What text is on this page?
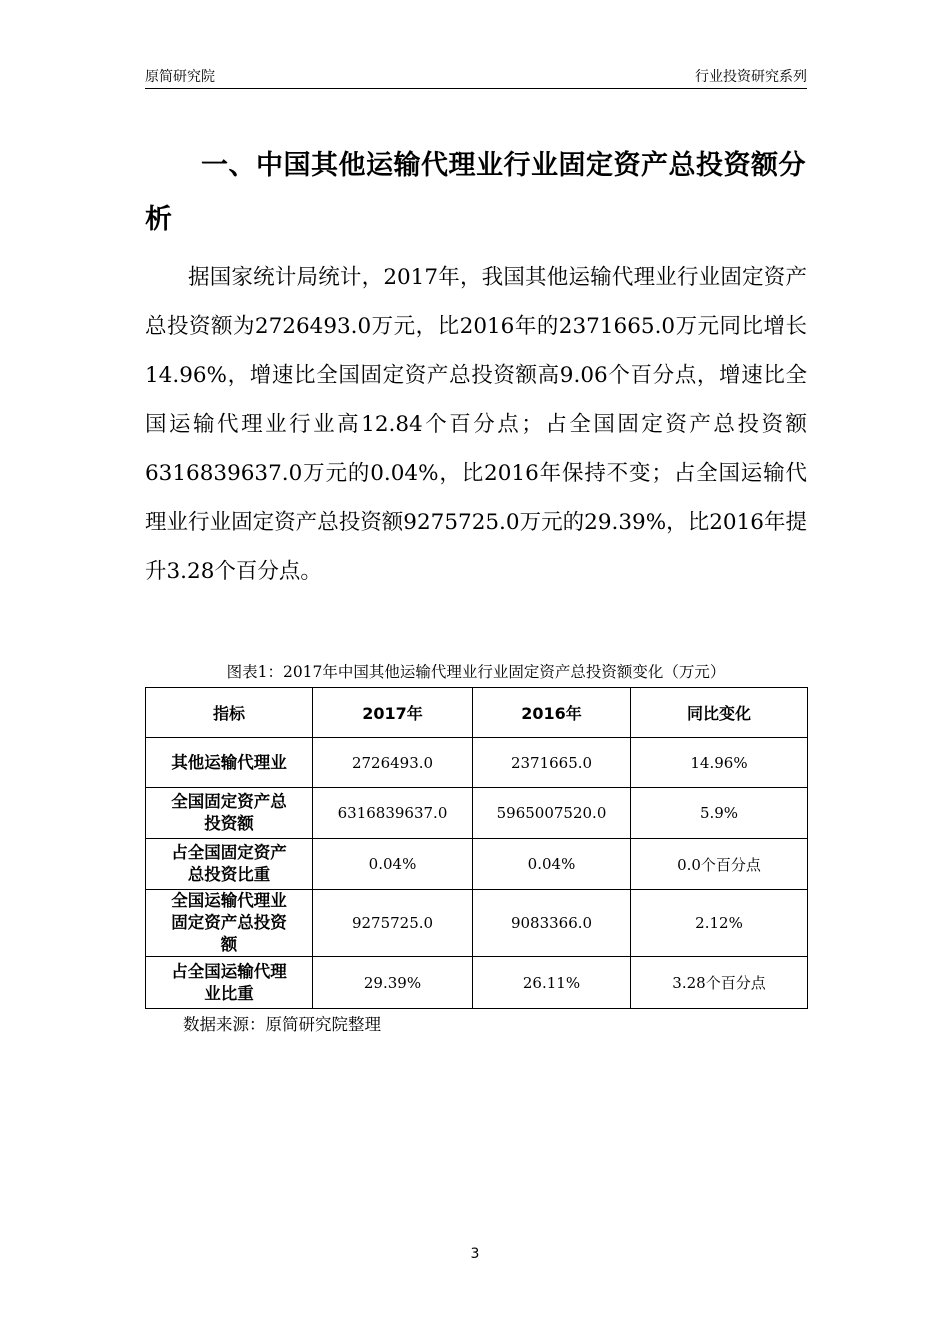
原简研究院	行业投资研究系列
一、中国其他运输代理业行业固定资产总投资额分析
据国家统计局统计，2017年，我国其他运输代理业行业固定资产总投资额为2726493.0万元，比2016年的2371665.0万元同比增长14.96%，增速比全国固定资产总投资额高9.06个百分点，增速比全国运输代理业行业高12.84个百分点；占全国固定资产总投资额6316839637.0万元的0.04%，比2016年保持不变；占全国运输代理业行业固定资产总投资额9275725.0万元的29.39%，比2016年提升3.28个百分点。
图表1：2017年中国其他运输代理业行业固定资产总投资额变化（万元）
指标	2017年	2016年	同比变化
其他运输代理业	2726493.0	2371665.0	14.96%
全国固定资产总
投资额	6316839637.0	5965007520.0	5.9%
占全国固定资产
总投资比重	0.04%	0.04%	0.0个百分点
全国运输代理业
固定资产总投资
额	9275725.0	9083366.0	2.12%
占全国运输代理
业比重	29.39%	26.11%	3.28个百分点
数据来源：原简研究院整理
3
